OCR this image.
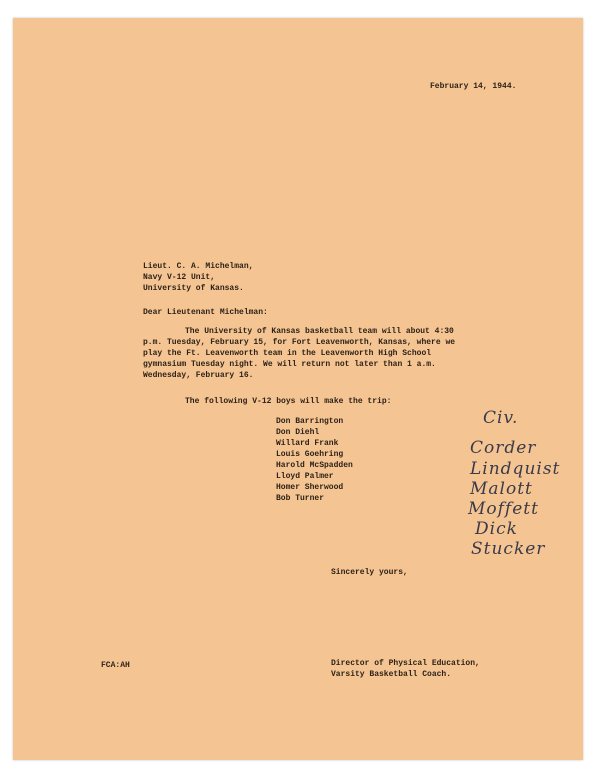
February 14, 1944.
Lieut. C. A. Michelman,
Navy V-12 Unit,
University of Kansas.
Dear Lieutenant Michelman:
The University of Kansas basketball team will about 4:30
p.m. Tuesday, February 15, for Fort Leavenworth, Kansas, where we
play the Ft. Leavenworth team in the Leavenworth High School
gymnasium Tuesday night. We will return not later than 1 a.m.
Wednesday, February 16.
The following V-12 boys will make the trip:
Don Barrington
Don Diehl
Willard Frank
Louis Goehring
Harold McSpadden
Lloyd Palmer
Homer Sherwood
Bob Turner
Civ.
Corder
Lindquist
Malott
Moffett
Dick
Stucker
Sincerely yours,
FCA:AH	Director of Physical Education,
Varsity Basketball Coach.
